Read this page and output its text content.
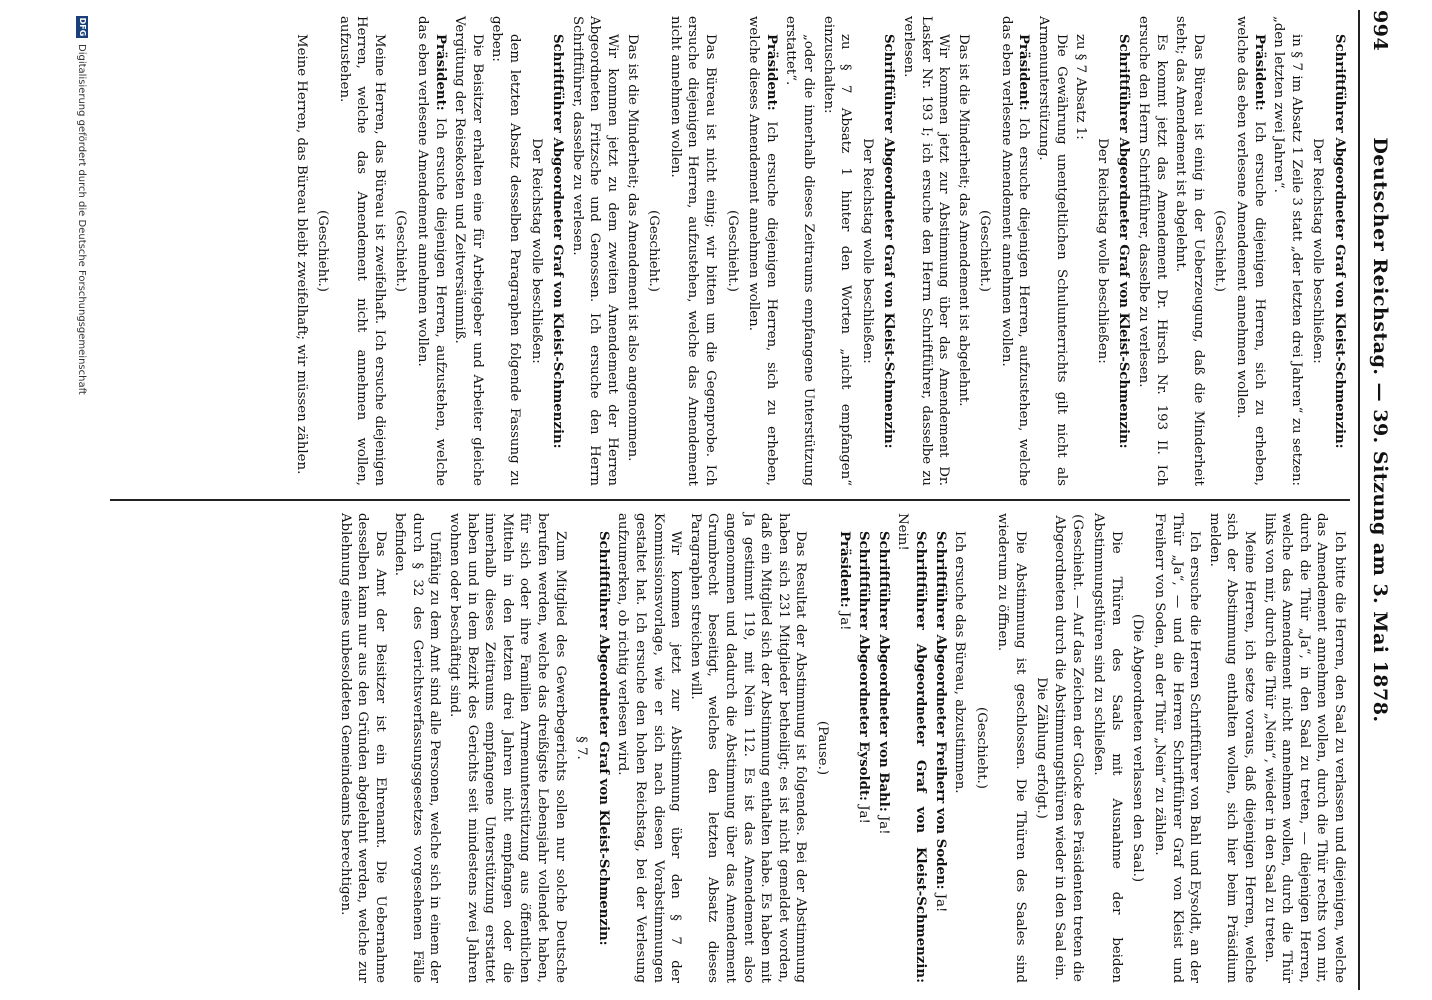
994
Deutscher Reichstag. — 39. Sitzung am 3. Mai 1878.

Schriftführer Abgeordneter Graf von Kleist-Schmenzin:

Der Reichstag wolle beschließen:

in § 7 im Absatz 1 Zeile 3 statt „der letzten drei Jahren“ zu setzen: „den letzten zwei Jahren“.

Präsident: Ich ersuche diejenigen Herren, sich zu erheben, welche das eben verlesene Amendement annehmen wollen.

(Geschieht.)

Das Büreau ist einig in der Ueberzeugung, daß die Minderheit steht; das Amendement ist abgelehnt.

Es kommt jetzt das Amendement Dr. Hirsch Nr. 193 II. Ich ersuche den Herrn Schriftführer, dasselbe zu verlesen.

Schriftführer Abgeordneter Graf von Kleist-Schmenzin:

Der Reichstag wolle beschließen:

zu § 7 Absatz 1:

Die Gewährung unentgeltlichen Schulunterrichts gilt nicht als Armenunterstützung.

Präsident: Ich ersuche diejenigen Herren, aufzustehen, welche das eben verlesene Amendement annehmen wollen.

(Geschieht.)

Das ist die Minderheit; das Amendement ist abgelehnt.

Wir kommen jetzt zur Abstimmung über das Amendement Dr. Lasker Nr. 193 I; ich ersuche den Herrn Schriftführer, dasselbe zu verlesen.

Schriftführer Abgeordneter Graf von Kleist-Schmenzin:

Der Reichstag wolle beschließen:

zu § 7 Absatz 1 hinter den Worten „nicht empfangen“ einzuschalten:

„oder die innerhalb dieses Zeitraums empfangene Unterstützung erstattet“.

Präsident: Ich ersuche diejenigen Herren, sich zu erheben, welche dieses Amendement annehmen wollen.

(Geschieht.)

Das Büreau ist nicht einig; wir bitten um die Gegenprobe. Ich ersuche diejenigen Herren, aufzustehen, welche das Amendement nicht annehmen wollen.

(Geschieht.)

Das ist die Minderheit; das Amendement ist also angenommen.

Wir kommen jetzt zu dem zweiten Amendement der Herren Abgeordneten Fritzsche und Genossen. Ich ersuche den Herrn Schriftführer, dasselbe zu verlesen.

Schriftführer Abgeordneter Graf von Kleist-Schmenzin:

Der Reichstag wolle beschließen:

dem letzten Absatz desselben Paragraphen folgende Fassung zu geben:

Die Beisitzer erhalten eine für Arbeitgeber und Arbeiter gleiche Vergütung der Reisekosten und Zeitversäumniß.

Präsident: Ich ersuche diejenigen Herren, aufzustehen, welche das eben verlesene Amendement annehmen wollen.

(Geschieht.)

Meine Herren, das Büreau ist zweifelhaft. Ich ersuche diejenigen Herren, welche das Amendement nicht annehmen wollen, aufzustehen.

(Geschieht.)

Meine Herren, das Büreau bleibt zweifelhaft; wir müssen zählen.

Ich bitte die Herren, den Saal zu verlassen und diejenigen, welche das Amendement annehmen wollen, durch die Thür rechts von mir, durch die Thür „Ja“, in den Saal zu treten, — diejenigen Herren, welche das Amendement nicht annehmen wollen, durch die Thür links von mir, durch die Thür „Nein“, wieder in den Saal zu treten.

Meine Herren, ich setze voraus, daß diejenigen Herren, welche sich der Abstimmung enthalten wollen, sich hier beim Präsidium melden.

Ich ersuche die Herren Schriftführer von Bahl und Eysoldt, an der Thür „Ja“, — und die Herren Schriftführer Graf von Kleist und Freiherr von Soden, an der Thür „Nein“ zu zählen.

(Die Abgeordneten verlassen den Saal.)

Die Thüren des Saals mit Ausnahme der beiden Abstimmungsthüren sind zu schließen.

(Geschieht. — Auf das Zeichen der Glocke des Präsidenten treten die Abgeordneten durch die Abstimmungsthüren wieder in den Saal ein. Die Zählung erfolgt.)

Die Abstimmung ist geschlossen. Die Thüren des Saales sind wiederum zu öffnen.

(Geschieht.)

Ich ersuche das Büreau, abzustimmen.

Schriftführer Abgeordneter Freiherr von Soden: Ja!

Schriftführer Abgeordneter Graf von Kleist-Schmenzin: Nein!

Schriftführer Abgeordneter von Bahl: Ja!

Schriftführer Abgeordneter Eysoldt: Ja!

Präsident: Ja!

(Pause.)

Das Resultat der Abstimmung ist folgendes. Bei der Abstimmung haben sich 231 Mitglieder betheiligt; es ist nicht gemeldet worden, daß ein Mitglied sich der Abstimmung enthalten habe. Es haben mit Ja gestimmt 119, mit Nein 112. Es ist das Amendement also angenommen und dadurch die Abstimmung über das Amendement Grumbrecht beseitigt, welches den letzten Absatz dieses Paragraphen streichen will.

Wir kommen jetzt zur Abstimmung über den § 7 der Kommissionsvorlage, wie er sich nach diesen Vorabstimmungen gestaltet hat. Ich ersuche den hohen Reichstag, bei der Verlesung aufzumerken, ob richtig verlesen wird.

Schriftführer Abgeordneter Graf von Kleist-Schmenzin:

§ 7.

Zum Mitglied des Gewerbegerichts sollen nur solche Deutsche berufen werden, welche das dreißigste Lebensjahr vollendet haben, für sich oder ihre Familien Armenunterstützung aus öffentlichen Mitteln in den letzten drei Jahren nicht empfangen oder die innerhalb dieses Zeitraums empfangene Unterstützung erstattet haben und in dem Bezirk des Gerichts seit mindestens zwei Jahren wohnen oder beschäftigt sind.

Unfähig zu dem Amt sind alle Personen, welche sich in einem der durch § 32 des Gerichtsverfassungsgesetzes vorgesehenen Fälle befinden.

Das Amt der Beisitzer ist ein Ehrenamt. Die Uebernahme desselben kann nur aus den Gründen abgelehnt werden, welche zur Ablehnung eines unbesoldeten Gemeindeamts berechtigen.

DFG
Digitalisierung gefördert durch die Deutsche Forschungsgemeinschaft
